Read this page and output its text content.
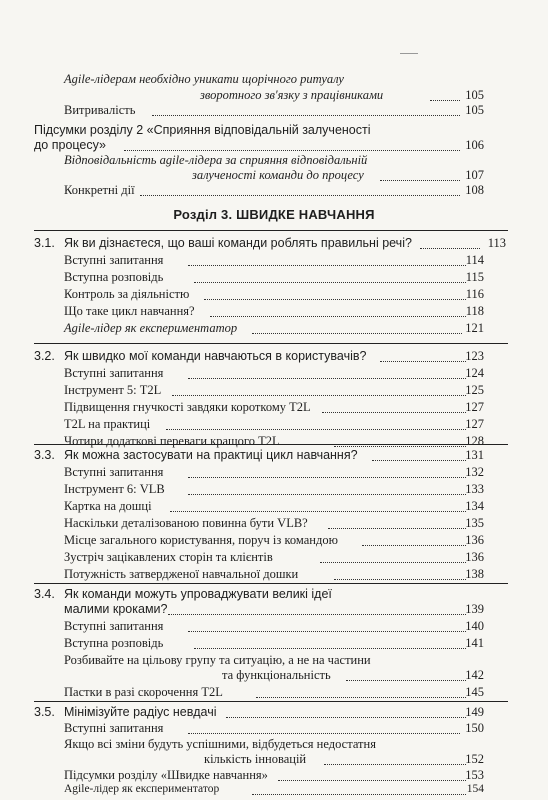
Agile-лідерам необхідно уникати щорічного ритуалу
зворотного зв'язку з працівниками	105
Витривалість	105
Підсумки розділу 2 «Сприяння відповідальній залученості
до процесу»	106
Відповідальність agile-лідера за сприяння відповідальній
залученості команди до процесу	107
Конкретні дії	108
Розділ 3. ШВИДКЕ НАВЧАННЯ
3.1. Як ви дізнаєтеся, що ваші команди роблять правильні речі?	113
Вступні запитання	114
Вступна розповідь	115
Контроль за діяльністю	116
Що таке цикл навчання?	118
Agile-лідер як експериментатор	121
3.2. Як швидко мої команди навчаються в користувачів?	123
Вступні запитання	124
Інструмент 5: T2L	125
Підвищення гнучкості завдяки короткому T2L	127
T2L на практиці	127
Чотири додаткові переваги кращого T2L	128
3.3. Як можна застосувати на практиці цикл навчання?	131
Вступні запитання	132
Інструмент 6: VLB	133
Картка на дошці	134
Наскільки деталізованою повинна бути VLB?	135
Місце загального користування, поруч із командою	136
Зустріч зацікавлених сторін та клієнтів	136
Потужність затвердженої навчальної дошки	138
3.4. Як команди можуть упроваджувати великі ідеї
малими кроками?	139
Вступні запитання	140
Вступна розповідь	141
Розбивайте на цільову групу та ситуацію, а не на частини
та функціональність	142
Пастки в разі скорочення T2L	145
3.5. Мінімізуйте радіус невдачі	149
Вступні запитання	150
Якщо всі зміни будуть успішними, відбудеться недостатня
кількість інновацій	152
Підсумки розділу «Швидке навчання»	153
Agile-лідер як експериментатор	154
